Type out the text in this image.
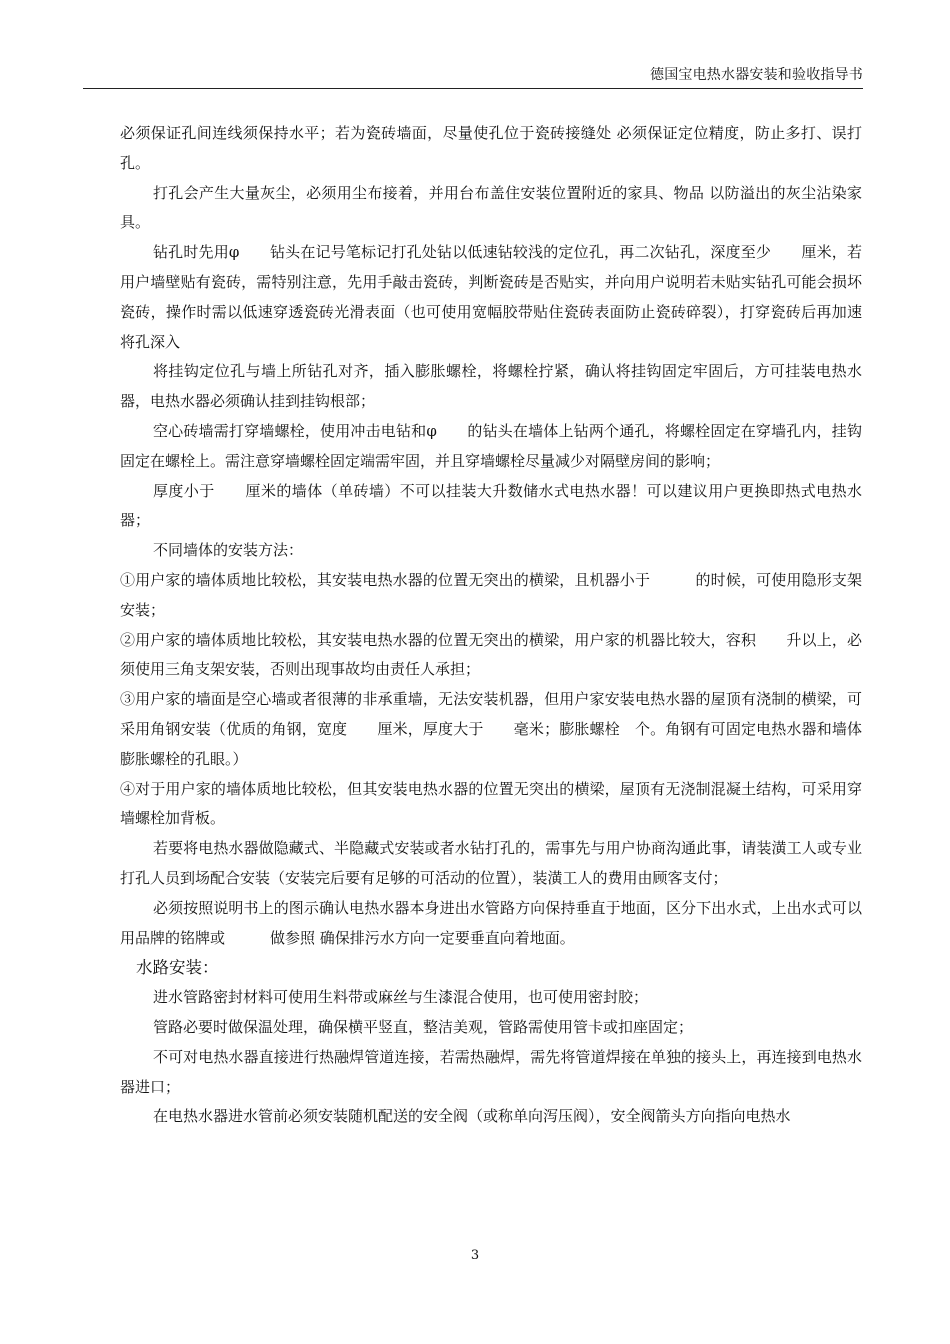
德国宝电热水器安装和验收指导书

必须保证孔间连线须保持水平；若为瓷砖墙面，尽量使孔位于瓷砖接缝处 必须保证定位精度，防止多打、误打孔。

打孔会产生大量灰尘，必须用尘布接着，并用台布盖住安装位置附近的家具、物品 以防溢出的灰尘沾染家具。

钻孔时先用φ　　钻头在记号笔标记打孔处钻以低速钻较浅的定位孔，再二次钻孔，深度至少　　厘米，若用户墙壁贴有瓷砖，需特别注意，先用手敲击瓷砖，判断瓷砖是否贴实，并向用户说明若未贴实钻孔可能会损坏瓷砖，操作时需以低速穿透瓷砖光滑表面（也可使用宽幅胶带贴住瓷砖表面防止瓷砖碎裂），打穿瓷砖后再加速将孔深入

将挂钩定位孔与墙上所钻孔对齐，插入膨胀螺栓，将螺栓拧紧，确认将挂钩固定牢固后，方可挂装电热水器，电热水器必须确认挂到挂钩根部；

空心砖墙需打穿墙螺栓，使用冲击电钻和φ　　的钻头在墙体上钻两个通孔，将螺栓固定在穿墙孔内，挂钩固定在螺栓上。需注意穿墙螺栓固定端需牢固，并且穿墙螺栓尽量减少对隔壁房间的影响；

厚度小于　　厘米的墙体（单砖墙）不可以挂装大升数储水式电热水器！可以建议用户更换即热式电热水器；

不同墙体的安装方法：

①用户家的墙体质地比较松，其安装电热水器的位置无突出的横梁，且机器小于　　　的时候，可使用隐形支架安装；

②用户家的墙体质地比较松，其安装电热水器的位置无突出的横梁，用户家的机器比较大，容积　　升以上，必须使用三角支架安装，否则出现事故均由责任人承担；

③用户家的墙面是空心墙或者很薄的非承重墙，无法安装机器，但用户家安装电热水器的屋顶有浇制的横梁，可采用角钢安装（优质的角钢，宽度　　厘米，厚度大于　　毫米；膨胀螺栓　个。角钢有可固定电热水器和墙体膨胀螺栓的孔眼。）

④对于用户家的墙体质地比较松，但其安装电热水器的位置无突出的横梁，屋顶有无浇制混凝土结构，可采用穿墙螺栓加背板。

若要将电热水器做隐藏式、半隐藏式安装或者水钻打孔的，需事先与用户协商沟通此事，请装潢工人或专业打孔人员到场配合安装（安装完后要有足够的可活动的位置），装潢工人的费用由顾客支付；

必须按照说明书上的图示确认电热水器本身进出水管路方向保持垂直于地面，区分下出水式，上出水式可以用品牌的铭牌或　　　做参照 确保排污水方向一定要垂直向着地面。

水路安装：

进水管路密封材料可使用生料带或麻丝与生漆混合使用，也可使用密封胶；

管路必要时做保温处理，确保横平竖直，整洁美观，管路需使用管卡或扣座固定；

不可对电热水器直接进行热融焊管道连接，若需热融焊，需先将管道焊接在单独的接头上，再连接到电热水器进口；

在电热水器进水管前必须安装随机配送的安全阀（或称单向泻压阀），安全阀箭头方向指向电热水

3
